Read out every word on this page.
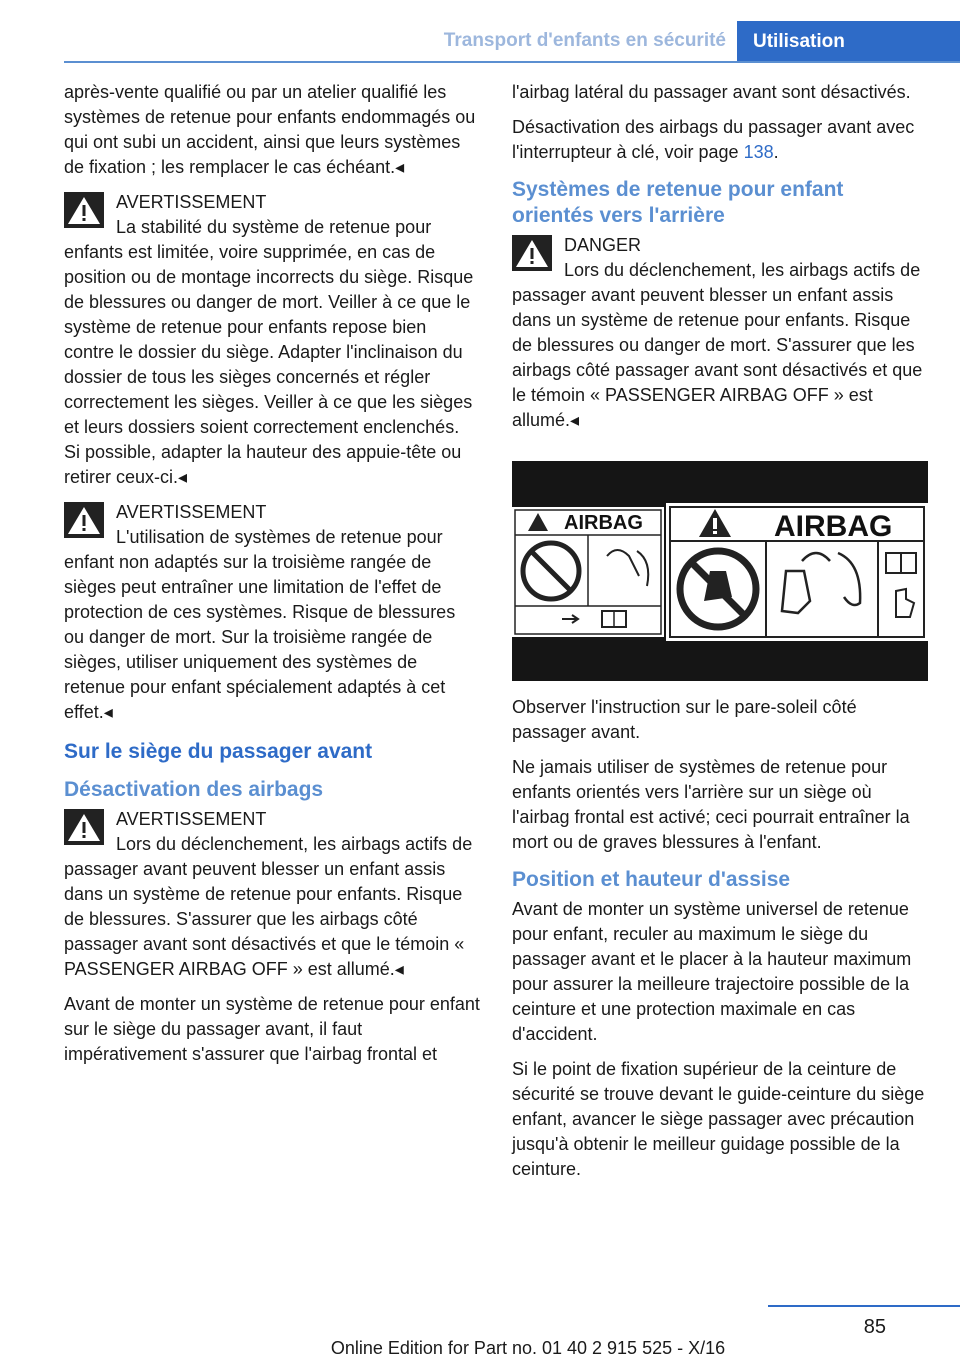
Transport d'enfants en sécurité	Utilisation

après-vente qualifié ou par un atelier qualifié les systèmes de retenue pour enfants endommagés ou qui ont subi un accident, ainsi que leurs systèmes de fixation ; les remplacer le cas échéant.◂

AVERTISSEMENT
La stabilité du système de retenue pour enfants est limitée, voire supprimée, en cas de position ou de montage incorrects du siège. Risque de blessures ou danger de mort. Veiller à ce que le système de retenue pour enfants repose bien contre le dossier du siège. Adapter l'inclinaison du dossier de tous les sièges concernés et régler correctement les sièges. Veiller à ce que les sièges et leurs dossiers soient correctement enclenchés. Si possible, adapter la hauteur des appuie-tête ou retirer ceux-ci.◂
AVERTISSEMENT
L'utilisation de systèmes de retenue pour enfant non adaptés sur la troisième rangée de sièges peut entraîner une limitation de l'effet de protection de ces systèmes. Risque de blessures ou danger de mort. Sur la troisième rangée de sièges, utiliser uniquement des systèmes de retenue pour enfant spécialement adaptés à cet effet.◂
Sur le siège du passager avant
Désactivation des airbags
AVERTISSEMENT
Lors du déclenchement, les airbags actifs de passager avant peuvent blesser un enfant assis dans un système de retenue pour enfants. Risque de blessures. S'assurer que les airbags côté passager avant sont désactivés et que le témoin « PASSENGER AIRBAG OFF » est allumé.◂

Avant de monter un système de retenue pour enfant sur le siège du passager avant, il faut impérativement s'assurer que l'airbag frontal et

l'airbag latéral du passager avant sont désactivés.

Désactivation des airbags du passager avant avec l'interrupteur à clé, voir page 138.

Systèmes de retenue pour enfant orientés vers l'arrière
DANGER
Lors du déclenchement, les airbags actifs de passager avant peuvent blesser un enfant assis dans un système de retenue pour enfants. Risque de blessures ou danger de mort. S'assurer que les airbags côté passager avant sont désactivés et que le témoin « PASSENGER AIRBAG OFF » est allumé.◂
AIRBAG	AIRBAG

Observer l'instruction sur le pare-soleil côté passager avant.

Ne jamais utiliser de systèmes de retenue pour enfants orientés vers l'arrière sur un siège où l'airbag frontal est activé; ceci pourrait entraîner la mort ou de graves blessures à l'enfant.

Position et hauteur d'assise

Avant de monter un système universel de retenue pour enfant, reculer au maximum le siège du passager avant et le placer à la hauteur maximum pour assurer la meilleure trajectoire possible de la ceinture et une protection maximale en cas d'accident.

Si le point de fixation supérieur de la ceinture de sécurité se trouve devant le guide-ceinture du siège enfant, avancer le siège passager avec précaution jusqu'à obtenir le meilleur guidage possible de la ceinture.

85
Online Edition for Part no. 01 40 2 915 525 - X/16
